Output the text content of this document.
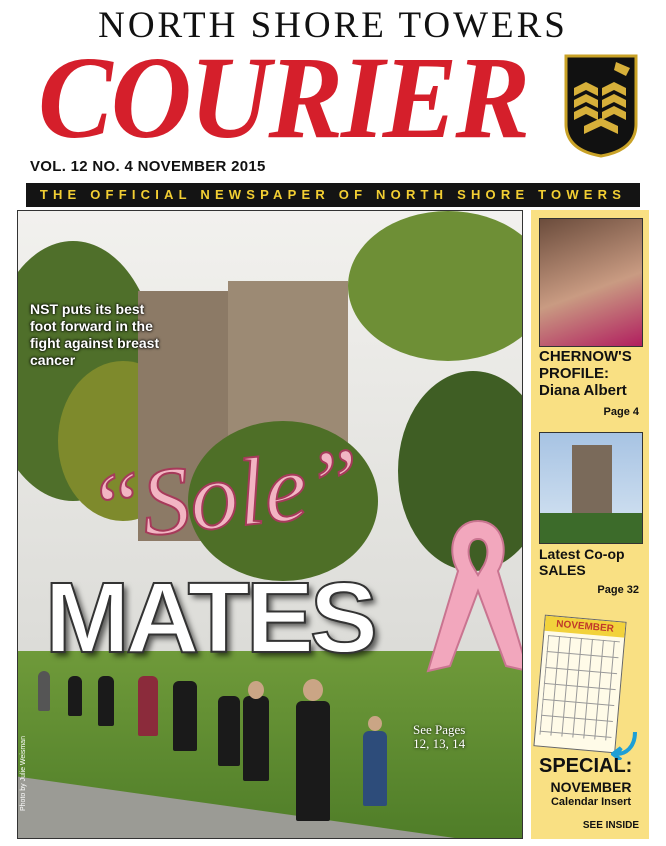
NORTH SHORE TOWERS
COURIER
VOL. 12 NO. 4 NOVEMBER 2015
THE OFFICIAL NEWSPAPER OF NORTH SHORE TOWERS
NST puts its best foot forward in the fight against breast cancer
“Sole”
MATES
See Pages
12, 13, 14
Photo by Julie Weisman
CHERNOW'S
PROFILE:
Diana Albert
Page 4
Latest Co-op
SALES
Page 32
NOVEMBER
SPECIAL:
NOVEMBER
Calendar Insert
SEE INSIDE
